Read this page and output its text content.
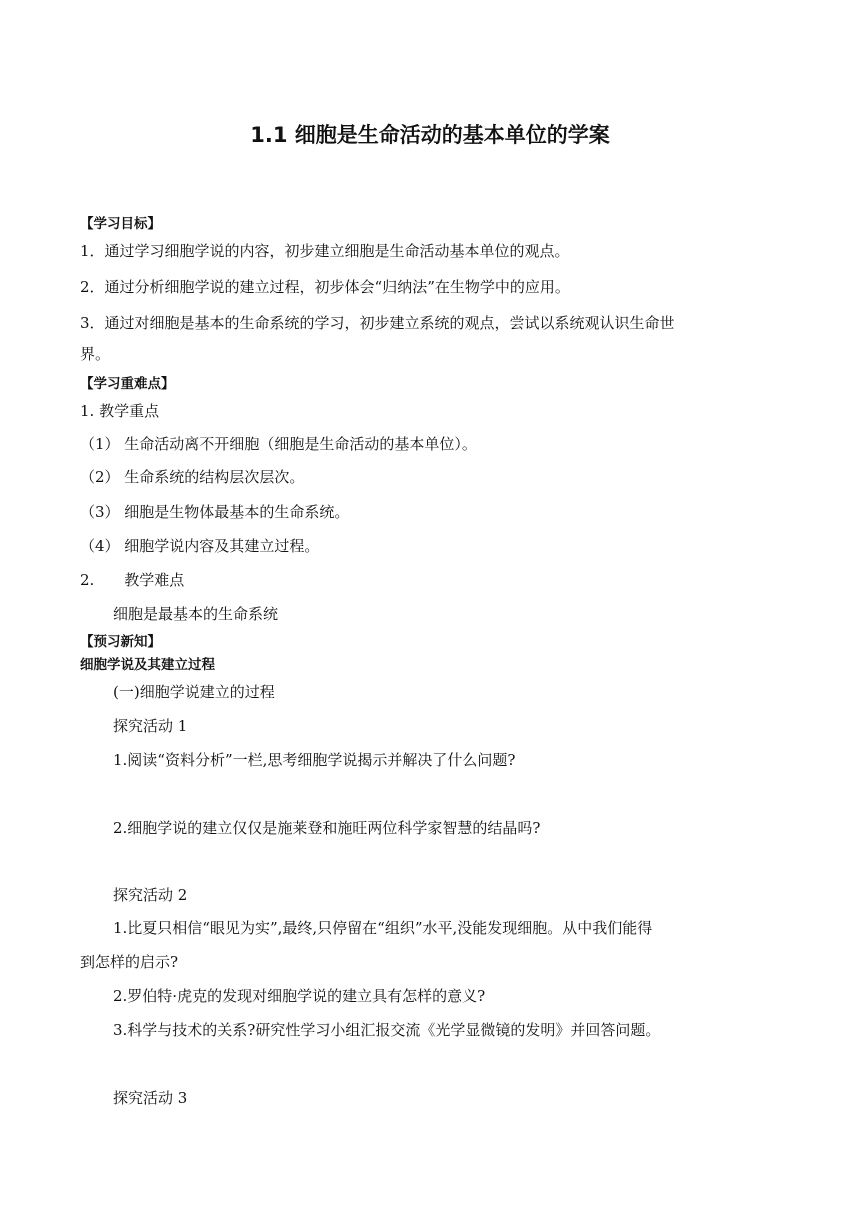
1.1 细胞是生命活动的基本单位的学案
【学习目标】
1．通过学习细胞学说的内容，初步建立细胞是生命活动基本单位的观点。
2．通过分析细胞学说的建立过程，初步体会“归纳法”在生物学中的应用。
3．通过对细胞是基本的生命系统的学习，初步建立系统的观点，尝试以系统观认识生命世
界。
【学习重难点】
1. 教学重点
（1） 生命活动离不开细胞（细胞是生命活动的基本单位）。
（2） 生命系统的结构层次层次。
（3） 细胞是生物体最基本的生命系统。
（4） 细胞学说内容及其建立过程。
2.　　教学难点
细胞是最基本的生命系统
【预习新知】
细胞学说及其建立过程
(一)细胞学说建立的过程
探究活动 1
1.阅读“资料分析”一栏,思考细胞学说揭示并解决了什么问题?
2.细胞学说的建立仅仅是施莱登和施旺两位科学家智慧的结晶吗?
探究活动 2
1.比夏只相信“眼见为实”,最终,只停留在“组织”水平,没能发现细胞。从中我们能得
到怎样的启示?
2.罗伯特·虎克的发现对细胞学说的建立具有怎样的意义?
3.科学与技术的关系?研究性学习小组汇报交流《光学显微镜的发明》并回答问题。
探究活动 3
